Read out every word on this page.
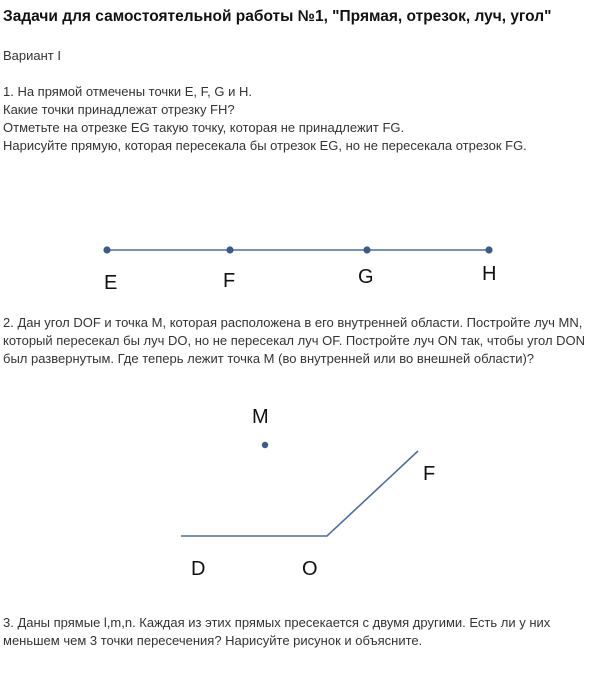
Задачи для самостоятельной работы №1, "Прямая, отрезок, луч, угол"
Вариант I
1. На прямой отмечены точки E, F, G и H.
Какие точки принадлежат отрезку FH?
Отметьте на отрезке EG такую точку, которая не принадлежит FG.
Нарисуйте прямую, которая пересекала бы отрезок EG, но не пересекала отрезок FG.
E	F	G	H
M
F
D	O
2. Дан угол DOF и точка M, которая расположена в его внутренней области. Постройте луч MN, который пересекал бы луч DO, но не пересекал луч OF. Постройте луч ON так, чтобы угол DON был развернутым. Где теперь лежит точка M (во внутренней или во внешней области)?
3. Даны прямые l,m,n. Каждая из этих прямых пресекается с двумя другими. Есть ли у них меньшем чем 3 точки пересечения? Нарисуйте рисунок и объясните.
